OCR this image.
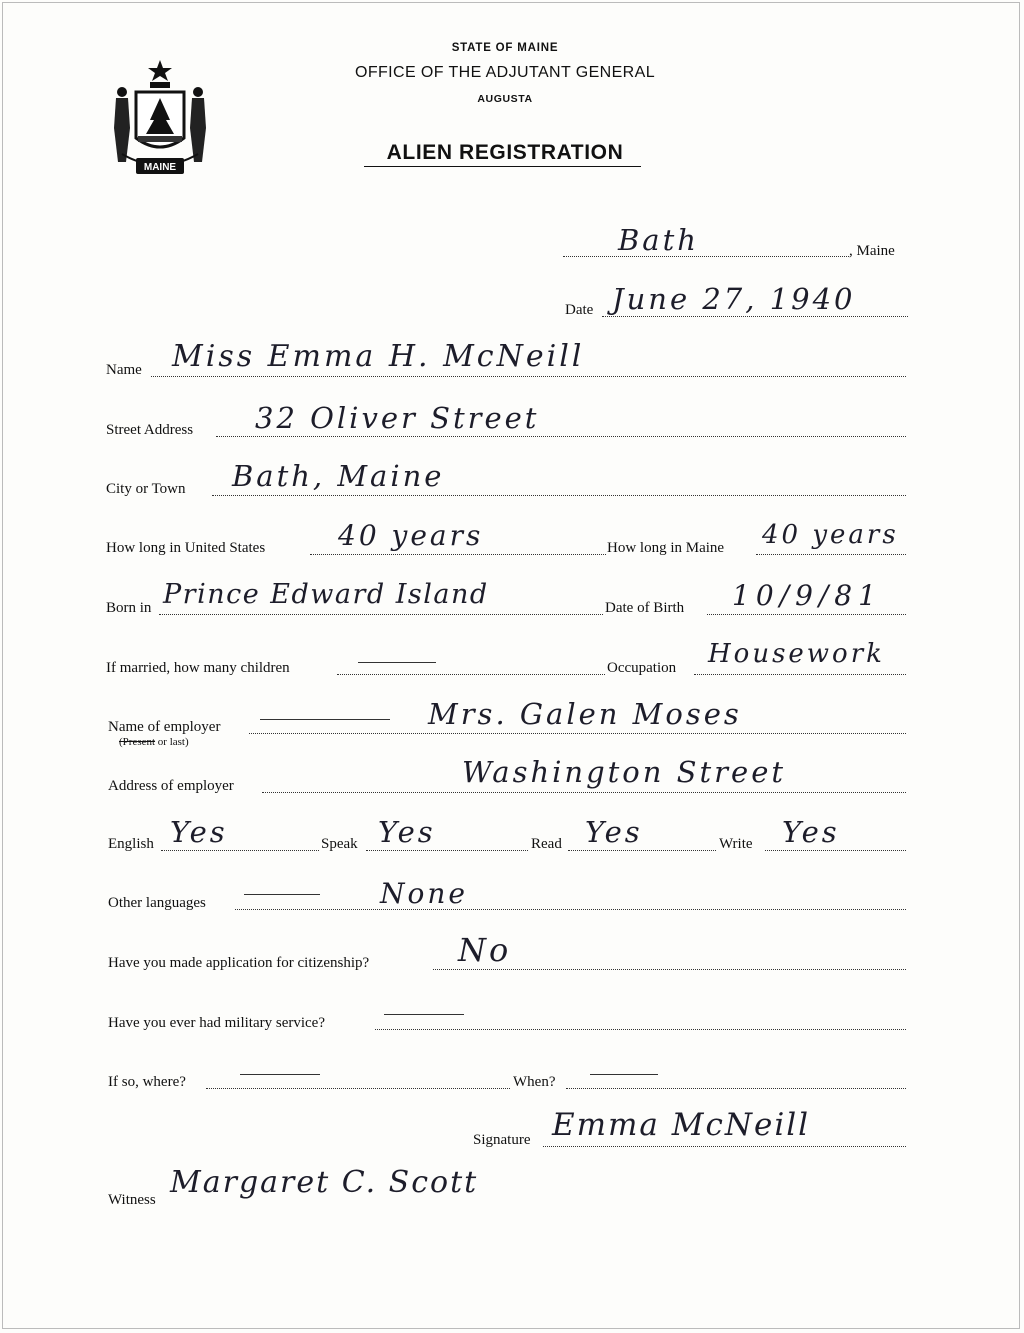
MAINE
STATE OF MAINE
OFFICE OF THE ADJUTANT GENERAL
AUGUSTA
ALIEN REGISTRATION
Bath	, Maine
Date June 27, 1940
Name Miss Emma H. McNeill
Street Address 32 Oliver Street
City or Town Bath, Maine
How long in United States	40 years	How long in Maine 40 years
Born in Prince Edward Island	Date of Birth 10/9/81
If married, how many children	Occupation Housework
Name of employer
(Present or last)
Mrs. Galen Moses
Address of employer	Washington Street
English Yes	Speak Yes	Read Yes	Write Yes
Other languages	None
Have you made application for citizenship?	No
Have you ever had military service?
If so, where?	When?
Signature Emma McNeill
Witness Margaret C. Scott
